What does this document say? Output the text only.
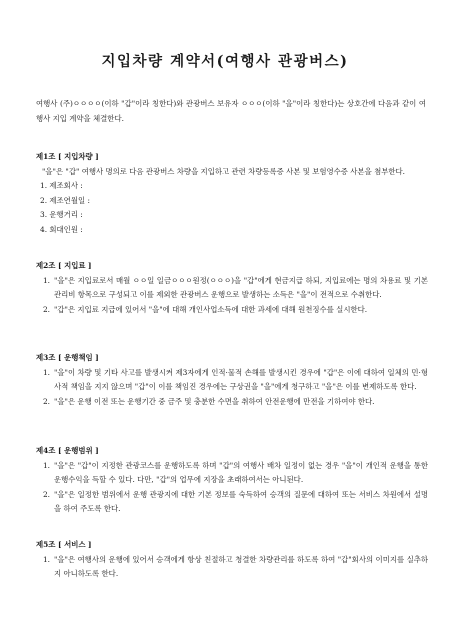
지입차량 계약서(여행사 관광버스)
여행사 (주)ㅇㅇㅇㅇ(이하 "갑"이라 칭한다)와 관광버스 보유자 ㅇㅇㅇ(이하 "을"이라 칭한다)는 상호간에 다음과 같이 여행사 지입 계약을 체결한다.
제1조 [ 지입차량 ]
"을"은 "갑" 여행사 명의로 다음 관광버스 차량을 지입하고 관련 차량등록증 사본 및 보험영수증 사본을 첨부한다.
1. 제조회사 :
2. 제조연월일 :
3. 운행거리 :
4. 회대인원 :
제2조 [ 지입료 ]
1. "을"은 지입료로서 매월 ㅇㅇ일 일금ㅇㅇㅇ원정(ㅇㅇㅇ)을 "갑"에게 현금지급 하되, 지입료에는 명의 차용료 및 기본 관리비 항목으로 구성되고 이를 제외한 관광버스 운행으로 발생하는 소득은 "을"이 전적으로 수취한다.
2. "갑"은 지입료 지급에 있어서 "을"에 대해 개인사업소득에 대한 과세에 대해 원천징수를 실시한다.
제3조 [ 운행책임 ]
1. "을"이 차량 및 기타 사고를 발생시켜 제3자에게 인적·물적 손해를 발생시킨 경우에 "갑"은 이에 대하여 일체의 민·형사적 책임을 지지 않으며 "갑"이 이를 책임진 경우에는 구상권을 "을"에게 청구하고 "을"은 이를 변제하도록 한다.
2. "을"은 운행 이전 또는 운행기간 중 금주 및 충분한 수면을 취하여 안전운행에 만전을 기하여야 한다.
제4조 [ 운행범위 ]
1. "을"은 "갑"이 지정한 관광코스를 운행하도록 하며 "갑"의 여행사 배차 일정이 없는 경우 "을"이 개인적 운행을 통한 운행수익을 득할 수 있다. 다만, "갑"의 업무에 지장을 초래하여서는 아니된다.
2. "을"은 일정한 범위에서 운행 관광지에 대한 기본 정보를 숙득하여 승객의 질문에 대하여 또는 서비스 차원에서 설명을 하여 주도록 한다.
제5조 [ 서비스 ]
1. "을"은 여행사의 운행에 있어서 승객에게 항상 친절하고 청결한 차량관리를 하도록 하여 "갑"회사의 이미지를 실추하지 아니하도록 한다.
